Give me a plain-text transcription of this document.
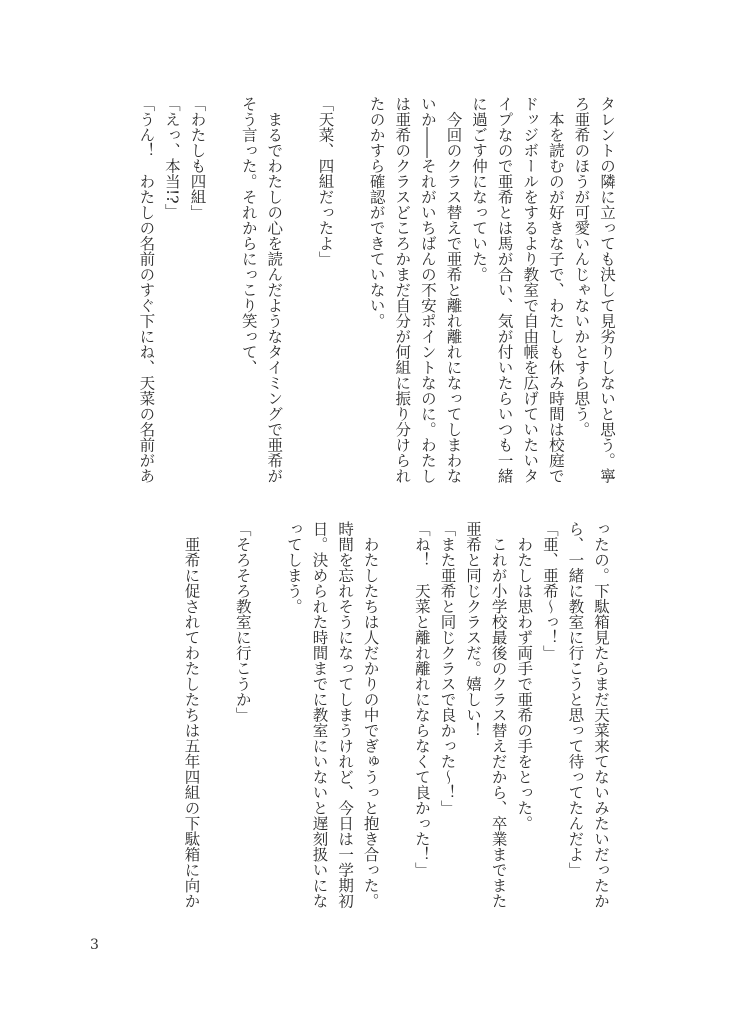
タレントの隣に立っても決して見劣りしないと思う。寧

ろ亜希のほうが可愛いんじゃないかとすら思う。

　本を読むのが好きな子で、わたしも休み時間は校庭で

ドッジボールをするより教室で自由帳を広げていたいタ

イプなので亜希とは馬が合い、気が付いたらいつも一緒

に過ごす仲になっていた。

　今回のクラス替えで亜希と離れ離れになってしまわな

いか――それがいちばんの不安ポイントなのに。わたし

は亜希のクラスどころかまだ自分が何組に振り分けられ

たのかすら確認ができていない。

「天菜、四組だったよ」

　まるでわたしの心を読んだようなタイミングで亜希が

そう言った。それからにっこり笑って、

「わたしも四組」

「えっ、本当!?」

「うん！　わたしの名前のすぐ下にね、天菜の名前があ

ったの。下駄箱見たらまだ天菜来てないみたいだったか

ら、一緒に教室に行こうと思って待ってたんだよ」

「亜、亜希～っ！」

　わたしは思わず両手で亜希の手をとった。

　これが小学校最後のクラス替えだから、卒業までまた

亜希と同じクラスだ。嬉しい！

「また亜希と同じクラスで良かった～！」

「ね！　天菜と離れ離れにならなくて良かった！」

　わたしたちは人だかりの中でぎゅうっと抱き合った。

時間を忘れそうになってしまうけれど、今日は一学期初

日。決められた時間までに教室にいないと遅刻扱いにな

ってしまう。

「そろそろ教室に行こうか」

　亜希に促されてわたしたちは五年四組の下駄箱に向か

3
